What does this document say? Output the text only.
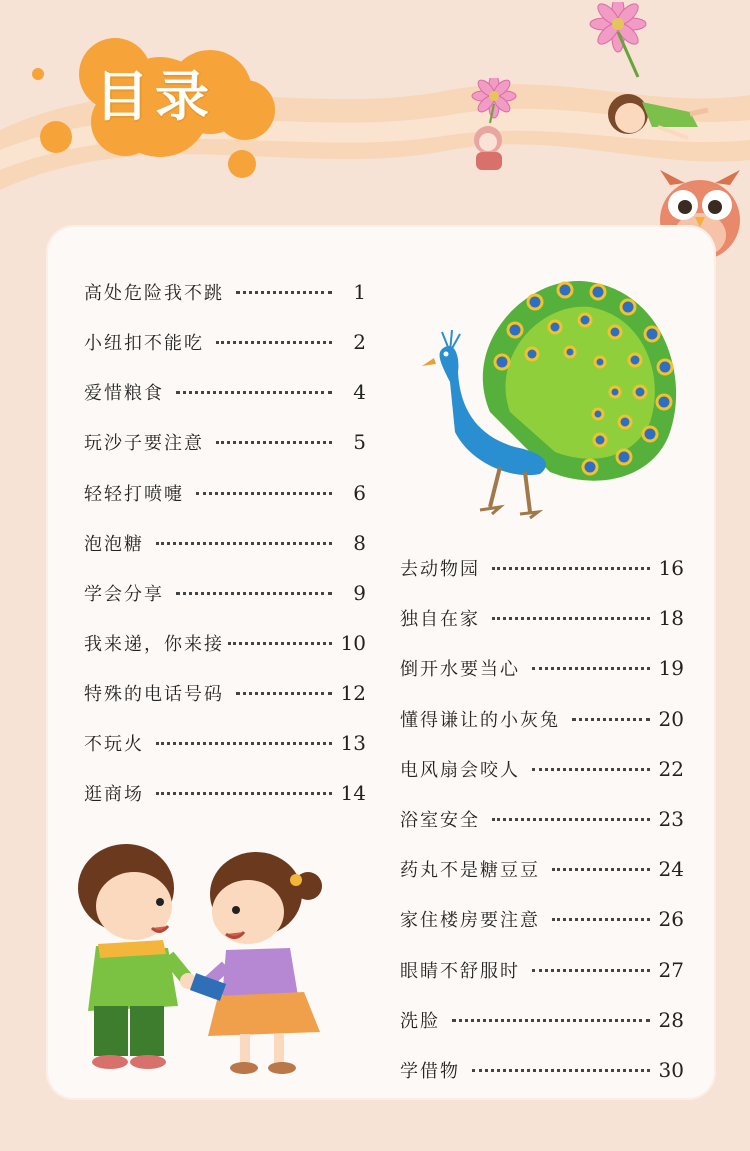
目录
高处危险我不跳	1
小纽扣不能吃	2
爱惜粮食	4
玩沙子要注意	5
轻轻打喷嚏	6
泡泡糖	8
学会分享	9
我来递，你来接	10
特殊的电话号码	12
不玩火	13
逛商场	14
去动物园	16
独自在家	18
倒开水要当心	19
懂得谦让的小灰兔	20
电风扇会咬人	22
浴室安全	23
药丸不是糖豆豆	24
家住楼房要注意	26
眼睛不舒服时	27
洗脸	28
学借物	30
